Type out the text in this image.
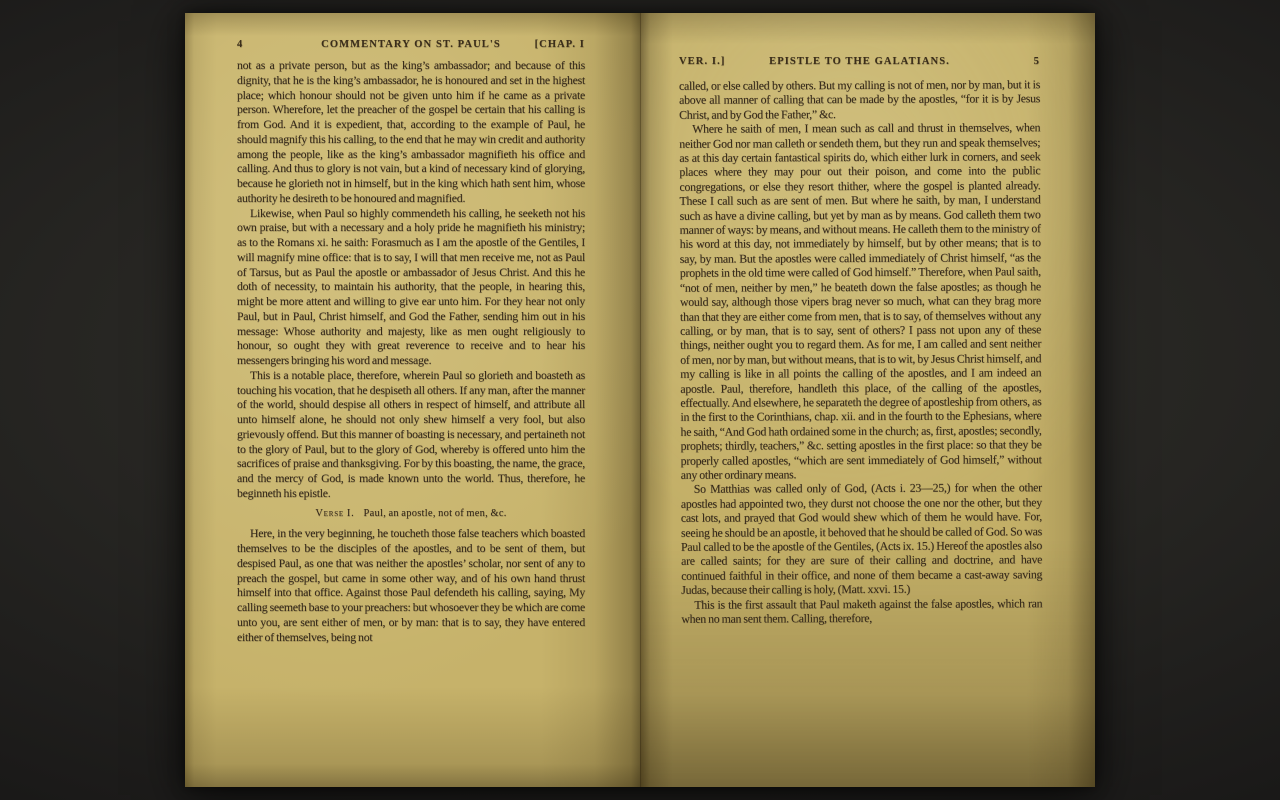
4	COMMENTARY ON ST. PAUL'S	[CHAP. I

not as a private person, but as the king’s ambassador; and because of this dignity, that he is the king’s ambassador, he is honoured and set in the highest place; which honour should not be given unto him if he came as a private person. Wherefore, let the preacher of the gospel be certain that his calling is from God. And it is expedient, that, according to the example of Paul, he should magnify this his calling, to the end that he may win credit and authority among the people, like as the king’s ambassador magnifieth his office and calling. And thus to glory is not vain, but a kind of necessary kind of glorying, because he glorieth not in himself, but in the king which hath sent him, whose authority he desireth to be honoured and magnified.

Likewise, when Paul so highly commendeth his calling, he seeketh not his own praise, but with a necessary and a holy pride he magnifieth his ministry; as to the Romans xi. he saith: Forasmuch as I am the apostle of the Gentiles, I will magnify mine office: that is to say, I will that men receive me, not as Paul of Tarsus, but as Paul the apostle or ambassador of Jesus Christ. And this he doth of necessity, to maintain his authority, that the people, in hearing this, might be more attent and willing to give ear unto him. For they hear not only Paul, but in Paul, Christ himself, and God the Father, sending him out in his message: Whose authority and majesty, like as men ought religiously to honour, so ought they with great reverence to receive and to hear his messengers bringing his word and message.

This is a notable place, therefore, wherein Paul so glorieth and boasteth as touching his vocation, that he despiseth all others. If any man, after the manner of the world, should despise all others in respect of himself, and attribute all unto himself alone, he should not only shew himself a very fool, but also grievously offend. But this manner of boasting is necessary, and pertaineth not to the glory of Paul, but to the glory of God, whereby is offered unto him the sacrifices of praise and thanksgiving. For by this boasting, the name, the grace, and the mercy of God, is made known unto the world. Thus, therefore, he beginneth his epistle.

Verse I. Paul, an apostle, not of men, &c.

Here, in the very beginning, he toucheth those false teachers which boasted themselves to be the disciples of the apostles, and to be sent of them, but despised Paul, as one that was neither the apostles’ scholar, nor sent of any to preach the gospel, but came in some other way, and of his own hand thrust himself into that office. Against those Paul defendeth his calling, saying, My calling seemeth base to your preachers: but whosoever they be which are come unto you, are sent either of men, or by man: that is to say, they have entered either of themselves, being not

VER. I.]	EPISTLE TO THE GALATIANS.	5

called, or else called by others. But my calling is not of men, nor by man, but it is above all manner of calling that can be made by the apostles, “for it is by Jesus Christ, and by God the Father,” &c.

Where he saith of men, I mean such as call and thrust in themselves, when neither God nor man calleth or sendeth them, but they run and speak themselves; as at this day certain fantastical spirits do, which either lurk in corners, and seek places where they may pour out their poison, and come into the public congregations, or else they resort thither, where the gospel is planted already. These I call such as are sent of men. But where he saith, by man, I understand such as have a divine calling, but yet by man as by means. God calleth them two manner of ways: by means, and without means. He calleth them to the ministry of his word at this day, not immediately by himself, but by other means; that is to say, by man. But the apostles were called immediately of Christ himself, “as the prophets in the old time were called of God himself.” Therefore, when Paul saith, “not of men, neither by men,” he beateth down the false apostles; as though he would say, although those vipers brag never so much, what can they brag more than that they are either come from men, that is to say, of themselves without any calling, or by man, that is to say, sent of others? I pass not upon any of these things, neither ought you to regard them. As for me, I am called and sent neither of men, nor by man, but without means, that is to wit, by Jesus Christ himself, and my calling is like in all points the calling of the apostles, and I am indeed an apostle. Paul, therefore, handleth this place, of the calling of the apostles, effectually. And elsewhere, he separateth the degree of apostleship from others, as in the first to the Corinthians, chap. xii. and in the fourth to the Ephesians, where he saith, “And God hath ordained some in the church; as, first, apostles; secondly, prophets; thirdly, teachers,” &c. setting apostles in the first place: so that they be properly called apostles, “which are sent immediately of God himself,” without any other ordinary means.

So Matthias was called only of God, (Acts i. 23—25,) for when the other apostles had appointed two, they durst not choose the one nor the other, but they cast lots, and prayed that God would shew which of them he would have. For, seeing he should be an apostle, it behoved that he should be called of God. So was Paul called to be the apostle of the Gentiles, (Acts ix. 15.) Hereof the apostles also are called saints; for they are sure of their calling and doctrine, and have continued faithful in their office, and none of them became a cast-away saving Judas, because their calling is holy, (Matt. xxvi. 15.)

This is the first assault that Paul maketh against the false apostles, which ran when no man sent them. Calling, therefore,
